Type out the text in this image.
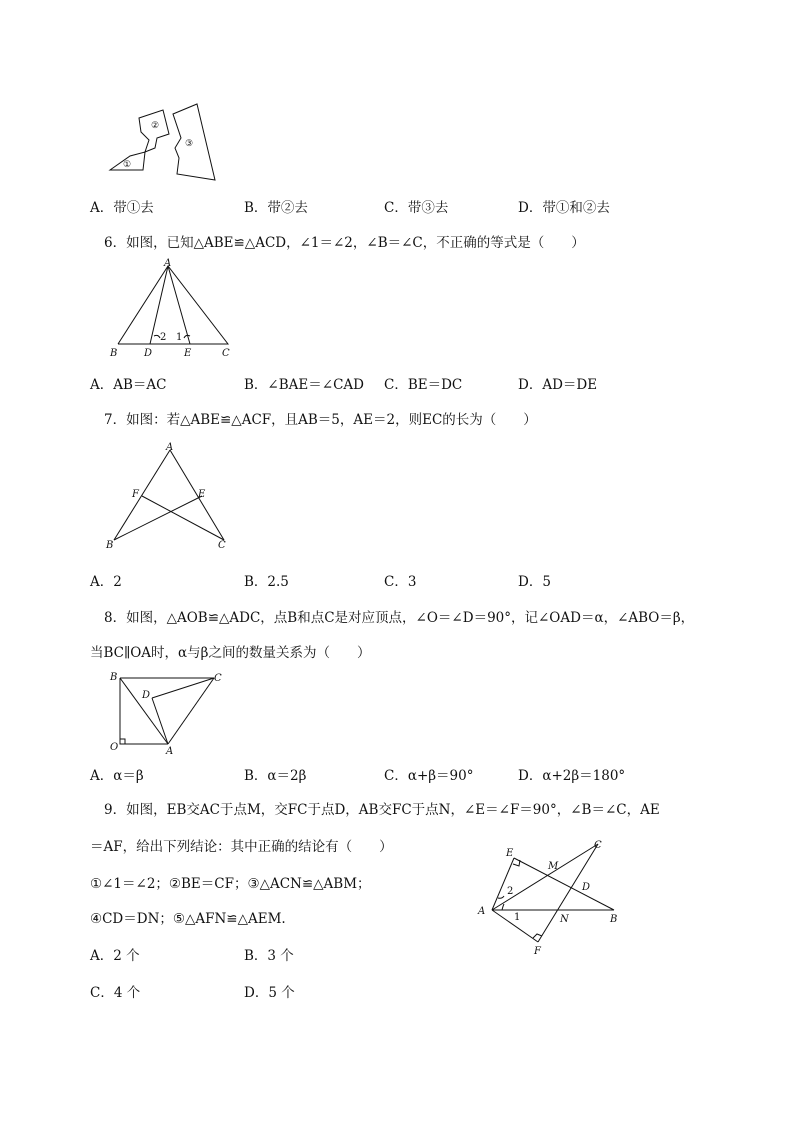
①
②
③
A．带①去	B．带②去	C．带③去	D．带①和②去
6．如图，已知△ABE≌△ACD，∠1＝∠2，∠B＝∠C，不正确的等式是（　　）
A
B	D	E	C
2 1
A．AB＝AC	B．∠BAE＝∠CAD C．BE＝DC	D．AD＝DE
7．如图：若△ABE≌△ACF，且AB＝5，AE＝2，则EC的长为（　　）
A
F	E
B	C
A．2	B．2.5	C．3	D．5
8．如图，△AOB≌△ADC，点B和点C是对应顶点，∠O＝∠D＝90°，记∠OAD＝α，∠ABO＝β，
当BC∥OA时，α与β之间的数量关系为（　　）
B	C
D
O	A
A．α＝β	B．α＝2β	C．α+β＝90°	D．α+2β＝180°
9．如图，EB交AC于点M，交FC于点D，AB交FC于点N，∠E＝∠F＝90°，∠B＝∠C，AE
＝AF，给出下列结论：其中正确的结论有（　　）
①∠1＝∠2；②BE＝CF；③△ACN≌△ABM；
④CD＝DN；⑤△AFN≌△AEM.
E
C
M
D
2
A
1	N	B
F
A．2 个	B．3 个
C．4 个	D．5 个
